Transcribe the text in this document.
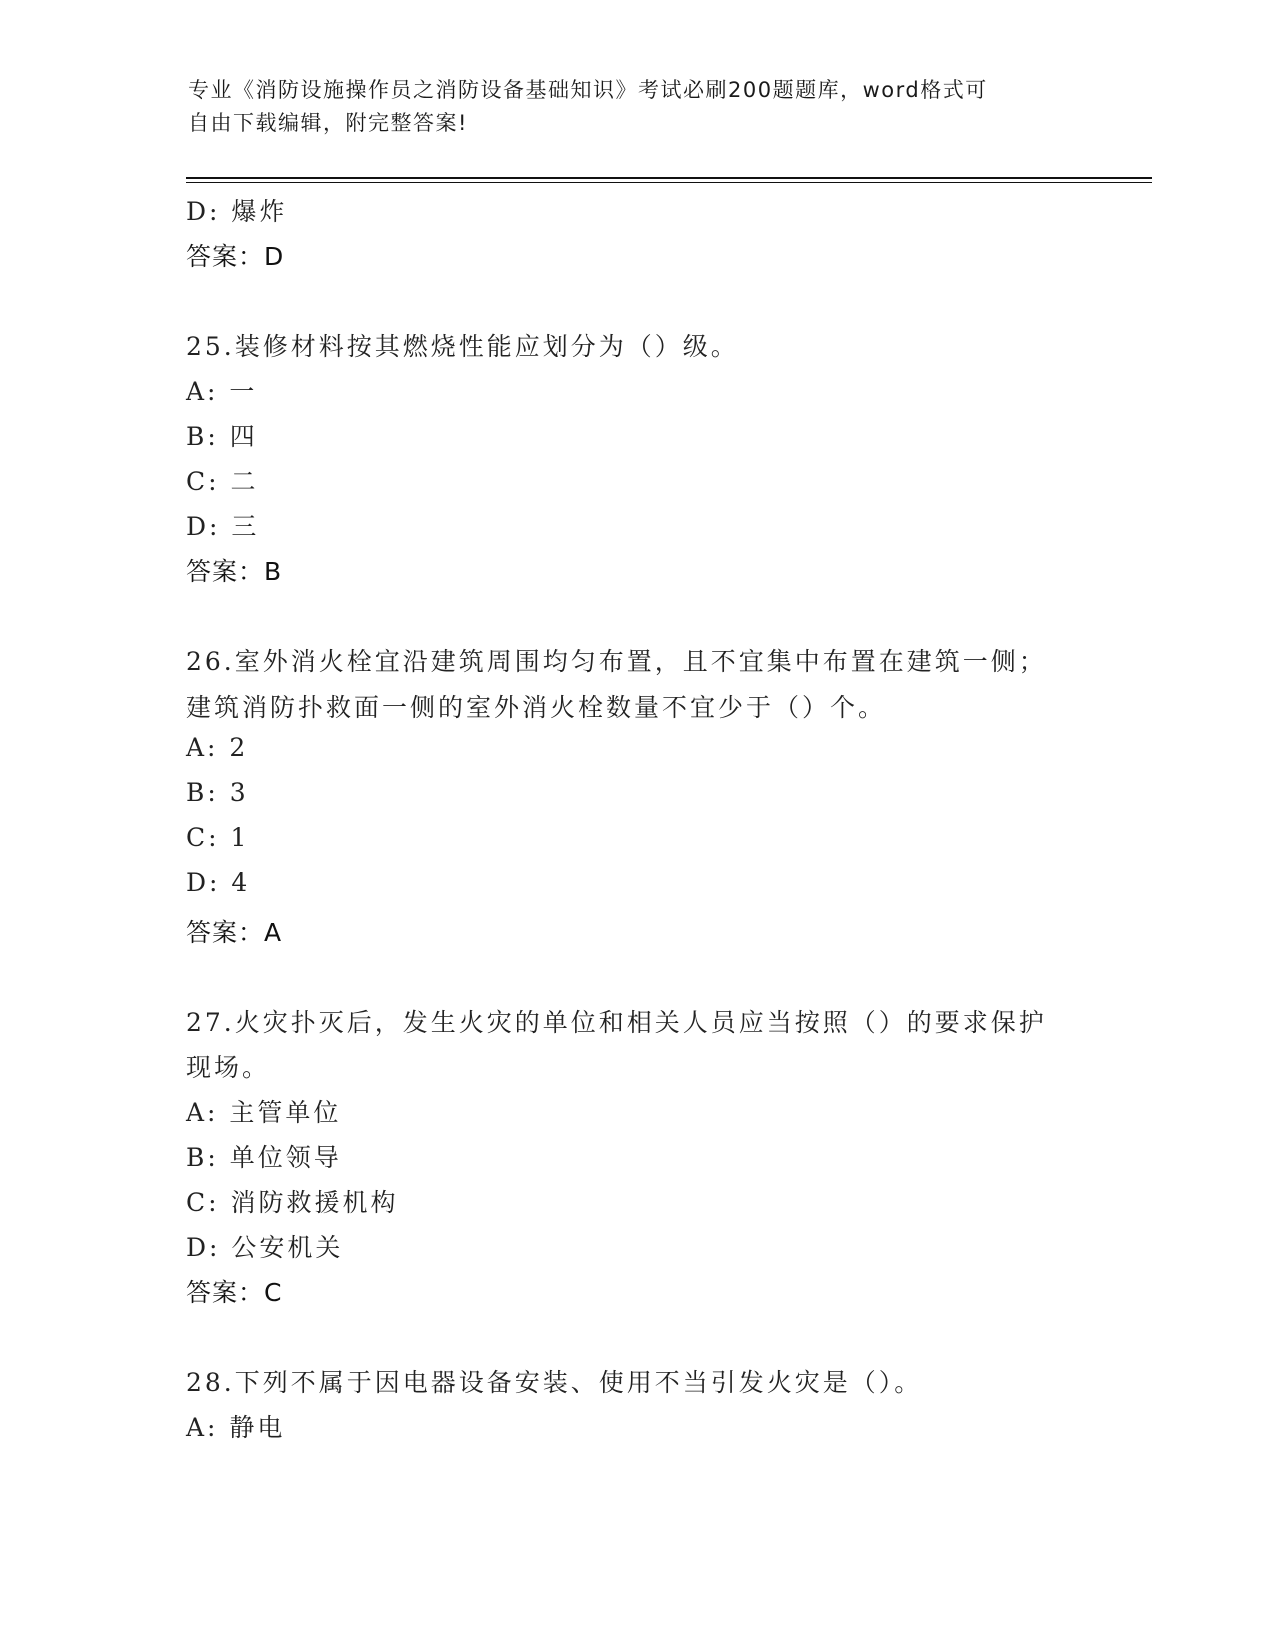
专业《消防设施操作员之消防设备基础知识》考试必刷200题题库，word格式可
自由下载编辑，附完整答案!
D: 爆炸
答案：D
25.装修材料按其燃烧性能应划分为（）级。
A: 一
B: 四
C: 二
D: 三
答案：B
26.室外消火栓宜沿建筑周围均匀布置，且不宜集中布置在建筑一侧；
建筑消防扑救面一侧的室外消火栓数量不宜少于（）个。
A: 2
B: 3
C: 1
D: 4
答案：A
27.火灾扑灭后，发生火灾的单位和相关人员应当按照（）的要求保护
现场。
A: 主管单位
B: 单位领导
C: 消防救援机构
D: 公安机关
答案：C
28.下列不属于因电器设备安装、使用不当引发火灾是（）。
A: 静电
